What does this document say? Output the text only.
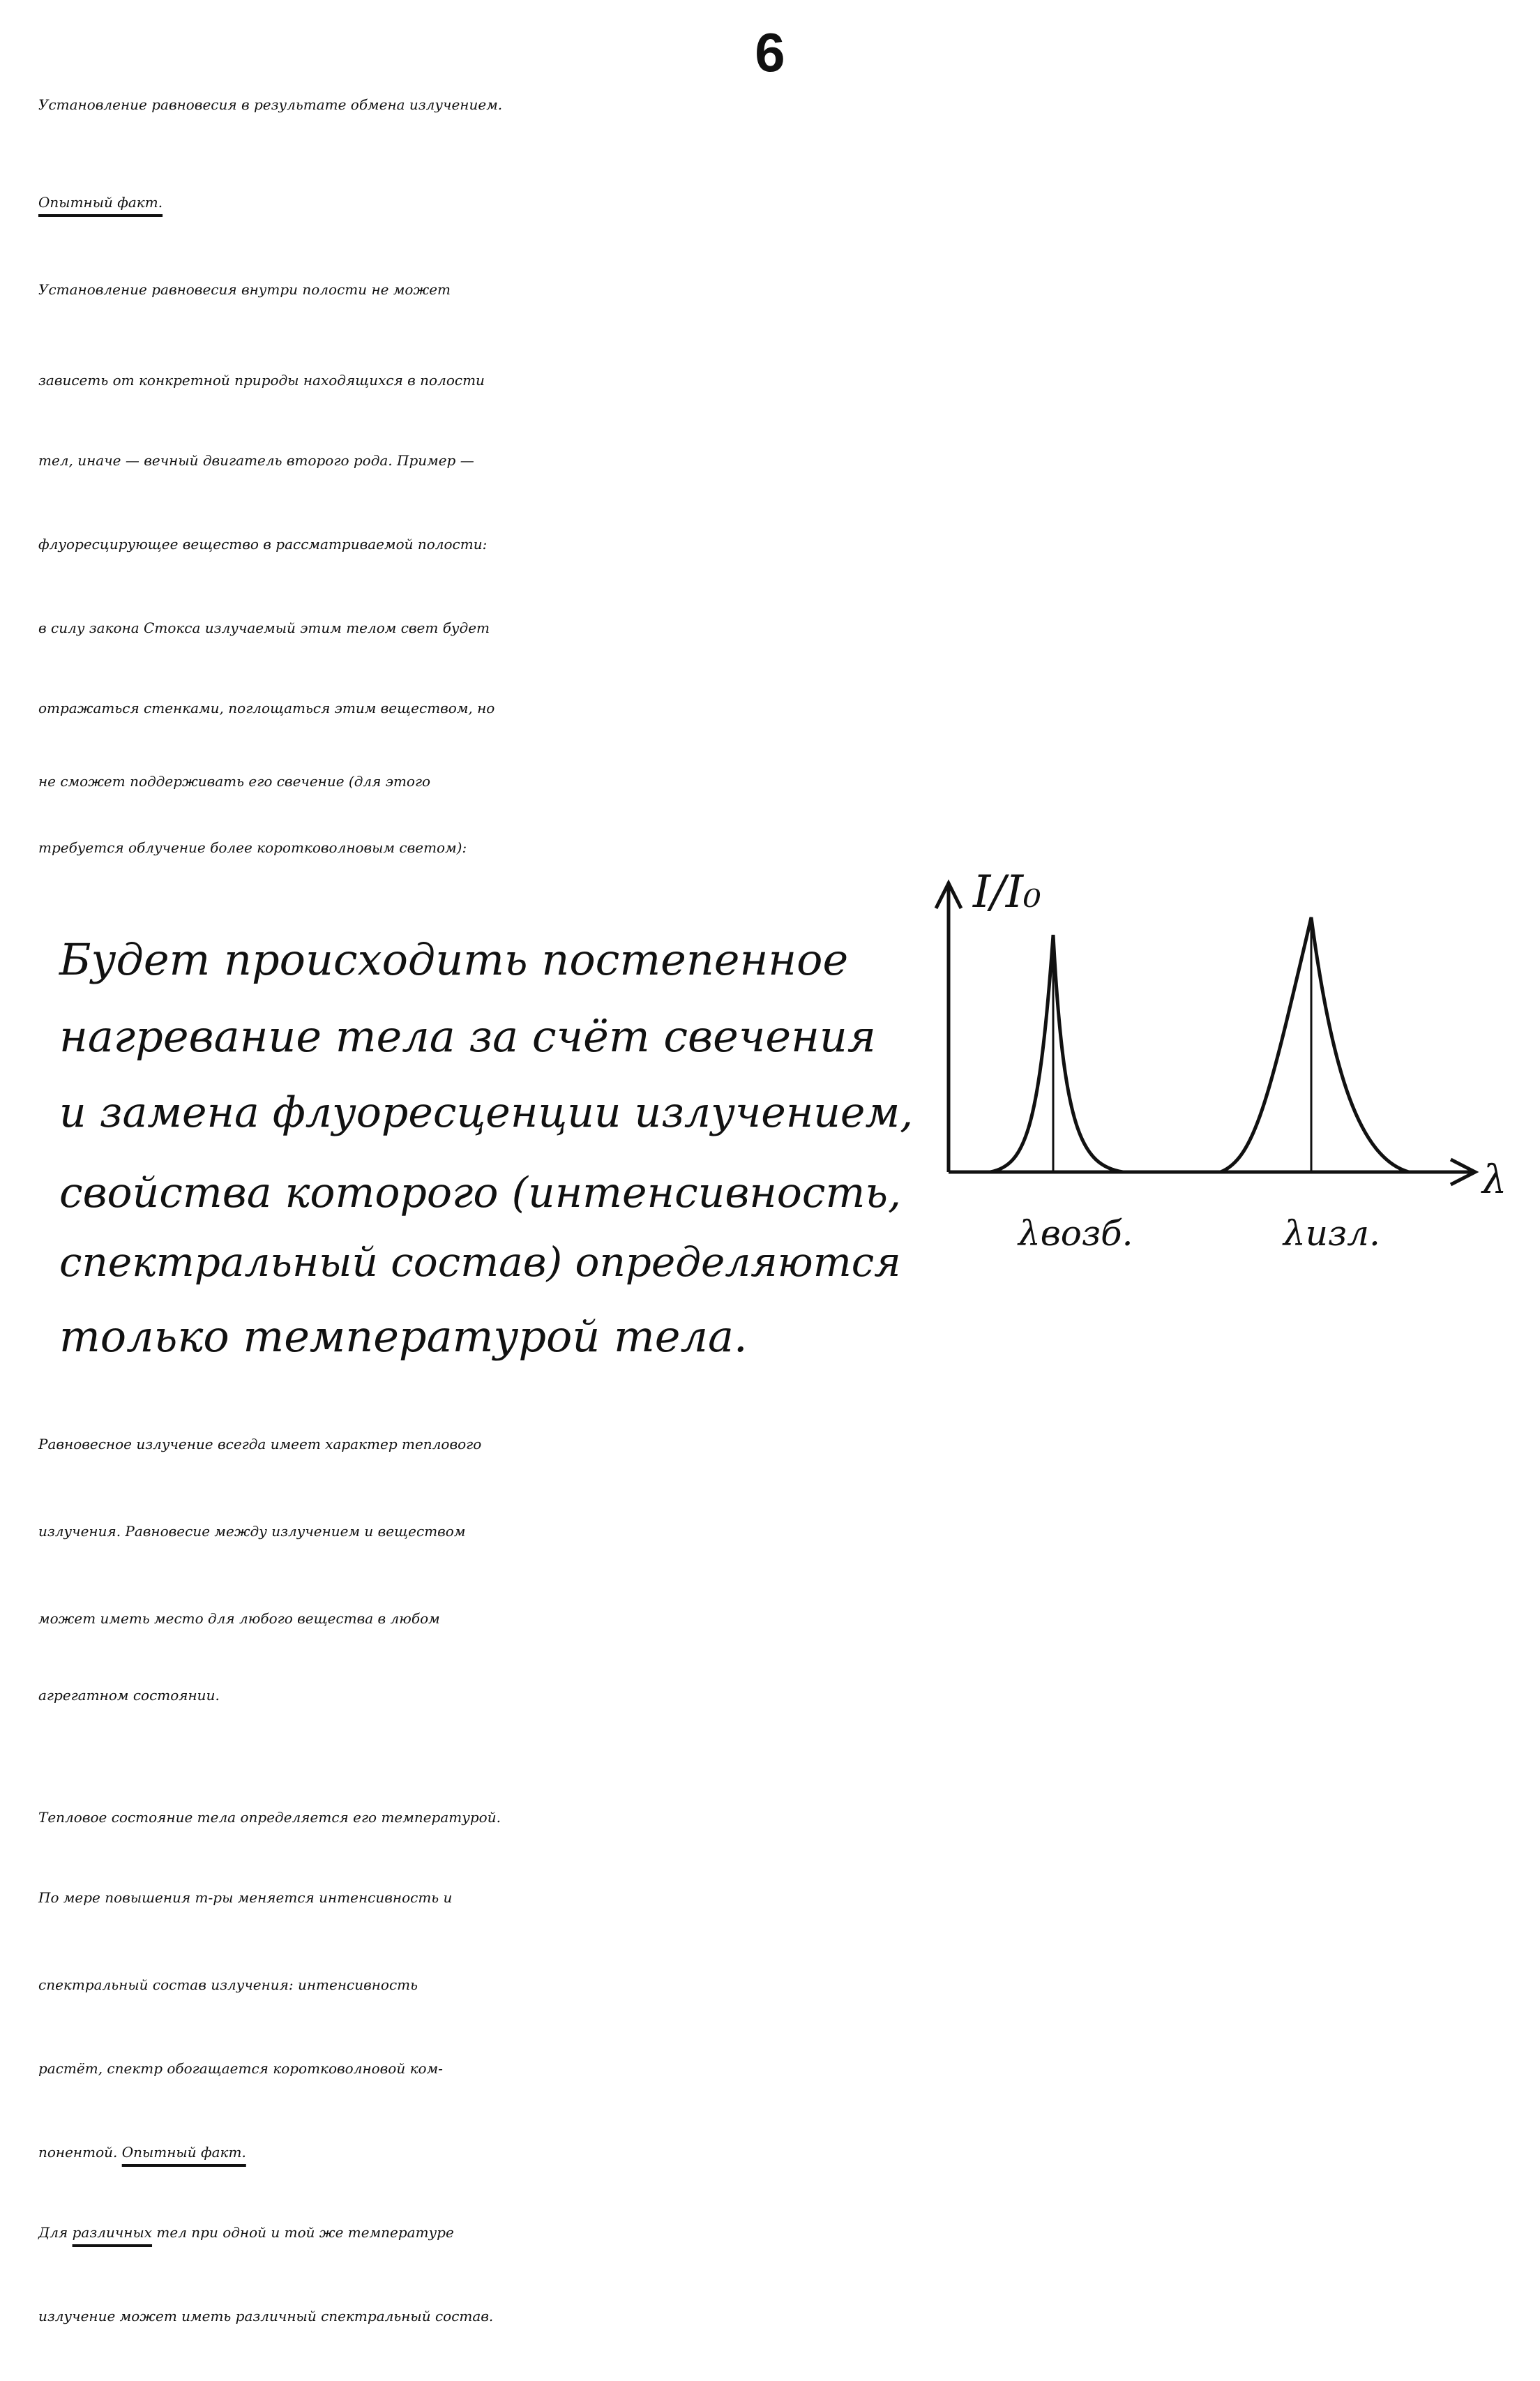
6
Установление равновесия в результате обмена излучением.
Опытный факт.
Установление равновесия внутри полости не может
зависеть от конкретной природы находящихся в полости
тел, иначе — вечный двигатель второго рода. Пример —
флуоресцирующее вещество в рассматриваемой полости:
в силу закона Стокса излучаемый этим телом свет будет
отражаться стенками, поглощаться этим веществом, но
не сможет поддерживать его свечение (для этого
требуется облучение более коротковолновым светом):
Будет происходить постепенное
нагревание тела за счёт свечения
и замена флуоресценции излучением,
свойства которого (интенсивность,
спектральный состав) определяются
только температурой тела.
I/I₀
λ
λвозб.	λизл.
Равновесное излучение всегда имеет характер теплового
излучения. Равновесие между излучением и веществом
может иметь место для любого вещества в любом
агрегатном состоянии.
Тепловое состояние тела определяется его температурой.
По мере повышения т-ры меняется интенсивность и
спектральный состав излучения: интенсивность
растёт, спектр обогащается коротковолновой ком-
понентой. Опытный факт.
Для различных тел при одной и той же температуре
излучение может иметь различный спектральный состав.
